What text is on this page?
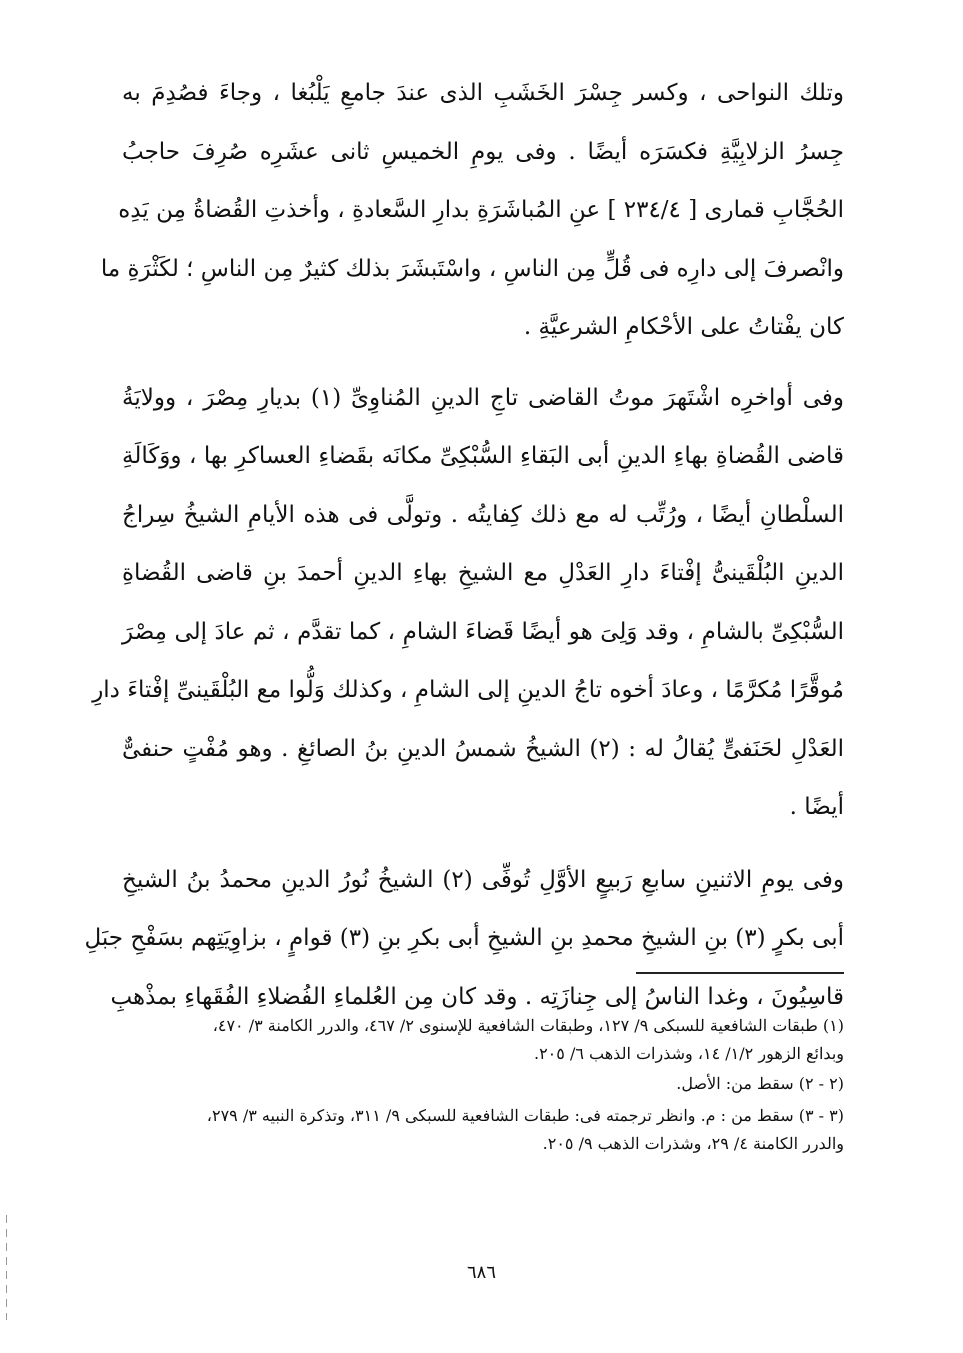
وتلك النواحى ، وكسر جِسْرَ الخَشَبِ الذى عندَ جامعِ يَلْبُغا ، وجاءَ فصُدِمَ به
جِسرُ الزلابِيَّةِ فكسَرَه أيضًا . وفى يومِ الخميسِ ثانى عشَرِه صُرِفَ حاجبُ
الحُجَّابِ قمارى [ ٢٣٤/٤ ] عنِ المُباشَرَةِ بدارِ السَّعادةِ ، وأخذتِ القُضاةُ مِن يَدِه
وانْصرفَ إلى دارِه فى قُلٍّ مِن الناسِ ، واسْتَبشَرَ بذلك كثيرٌ مِن الناسِ ؛ لكَثْرَةِ ما
كان يفْتاتُ على الأحْكامِ الشرعيَّةِ .
وفى أواخرِه اشْتَهرَ موتُ القاضى تاجِ الدينِ المُناوِىِّ (١) بديارِ مِصْرَ ، وولايَةُ
قاضى القُضاةِ بهاءِ الدينِ أبى البَقاءِ السُّبْكِىِّ مكانَه بقَضاءِ العساكرِ بها ، ووَكَالَةِ
السلْطانِ أيضًا ، ورُتِّب له مع ذلك كِفايتُه . وتولَّى فى هذه الأيامِ الشيخُ سِراجُ
الدينِ البُلْقَينىُّ إفْتاءَ دارِ العَدْلِ مع الشيخِ بهاءِ الدينِ أحمدَ بنِ قاضى القُضاةِ
السُّبْكِىِّ بالشامِ ، وقد وَلِىَ هو أيضًا قَضاءَ الشامِ ، كما تقدَّم ، ثم عادَ إلى مِصْرَ
مُوقَّرًا مُكرَّمًا ، وعادَ أخوه تاجُ الدينِ إلى الشامِ ، وكذلك وَلُّوا مع البُلْقَينىِّ إفْتاءَ دارِ
العَدْلِ لحَنَفىٍّ يُقالُ له : (٢) الشيخُ شمسُ الدينِ بنُ الصائغِ . وهو مُفْتٍ حنفىٌّ
أيضًا .
وفى يومِ الاثنينِ سابعِ رَبيعٍ الأوَّلِ تُوفِّى (٢) الشيخُ نُورُ الدينِ محمدُ بنُ الشيخِ
أبى بكرٍ (٣) بنِ الشيخِ محمدِ بنِ الشيخِ أبى بكرِ بنِ (٣) قوامٍ ، بزاوِيَتِهم بسَفْحِ جبَلِ
قاسِيُونَ ، وغدا الناسُ إلى جِنازَتِه . وقد كان مِن العُلماءِ الفُضلاءِ الفُقَهاءِ بمذْهبِ
(١) طبقات الشافعية للسبكى ٩/ ١٢٧، وطبقات الشافعية للإسنوى ٢/ ٤٦٧، والدرر الكامنة ٣/ ٤٧٠،
وبدائع الزهور ١/٢/ ١٤، وشذرات الذهب ٦/ ٢٠٥.
(٢ - ٢) سقط من: الأصل.
(٣ - ٣) سقط من : م. وانظر ترجمته فى: طبقات الشافعية للسبكى ٩/ ٣١١، وتذكرة النبيه ٣/ ٢٧٩،
والدرر الكامنة ٤/ ٢٩، وشذرات الذهب ٩/ ٢٠٥.
٦٨٦
